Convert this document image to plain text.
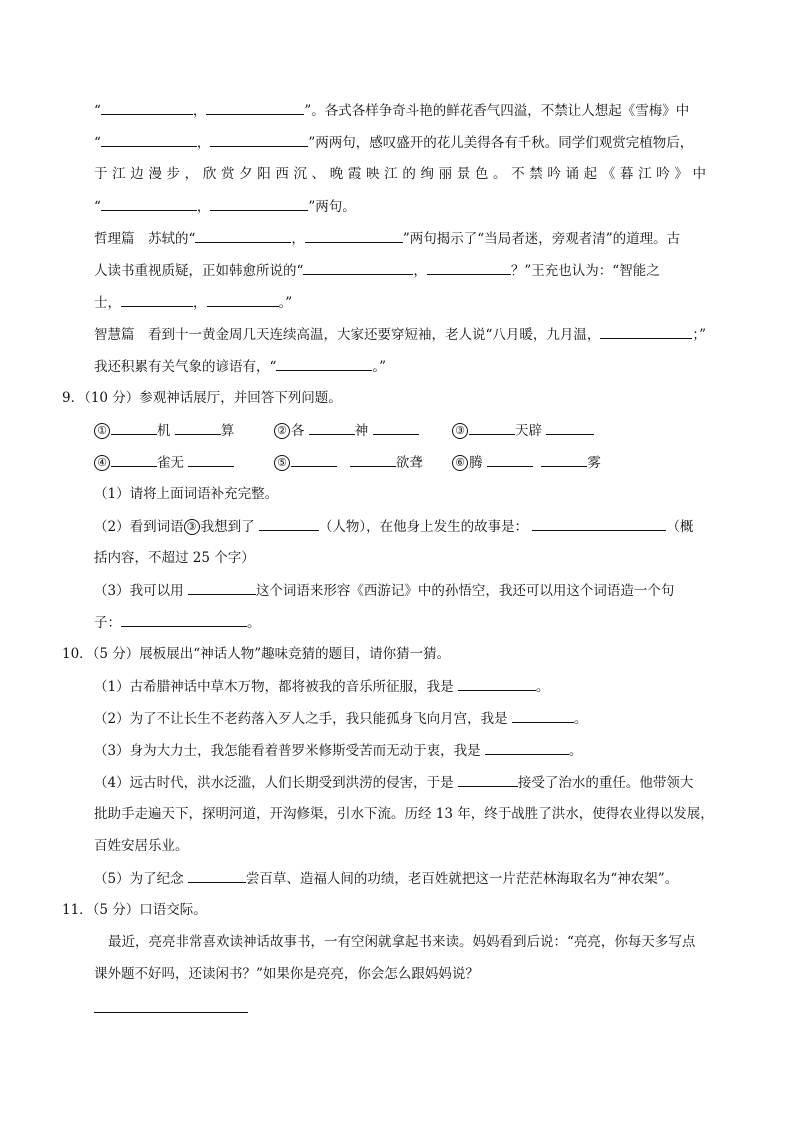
“	，	”。各式各样争奇斗艳的鲜花香气四溢，不禁让人想起《雪梅》中
“	，	”两两句，感叹盛开的花儿美得各有千秋。同学们观赏完植物后，
于江边漫步，欣赏夕阳西沉、晚霞映江的绚丽景色。不禁吟诵起《暮江吟》中
“	，	”两句。
哲理篇　苏轼的“	，	”两句揭示了“当局者迷，旁观者清”的道理。古
人读书重视质疑，正如韩愈所说的“	，	？”王充也认为：“智能之
士，	，	。”
智慧篇　看到十一黄金周几天连续高温，大家还要穿短袖，老人说“八月暖，九月温，	；”
我还积累有关气象的谚语有，“	。”
9．（10 分）参观神话展厅，并回答下列问题。
①	机	算	② 各	神	③	天辟
④	雀无	⑤	欲聋	⑥ 腾	雾
（1）请将上面词语补充完整。
（2）看到词语 ③ 我想到了	（人物），在他身上发生的故事是：	（概
括内容，不超过 25 个字）
（3）我可以用	这个词语来形容《西游记》中的孙悟空，我还可以用这个词语造一个句
子：	。
10．（5 分）展板展出“神话人物”趣味竞猜的题目，请你猜一猜。
（1）古希腊神话中草木万物，都将被我的音乐所征服，我是	。
（2）为了不让长生不老药落入歹人之手，我只能孤身飞向月宫，我是	。
（3）身为大力士，我怎能看着普罗米修斯受苦而无动于衷，我是	。
（4）远古时代，洪水泛滥，人们长期受到洪涝的侵害，于是	接受了治水的重任。他带领大
批助手走遍天下，探明河道，开沟修渠，引水下流。历经 13 年，终于战胜了洪水，使得农业得以发展，
百姓安居乐业。
（5）为了纪念	尝百草、造福人间的功绩，老百姓就把这一片茫茫林海取名为“神农架”。
11．（5 分）口语交际。
最近，亮亮非常喜欢读神话故事书，一有空闲就拿起书来读。妈妈看到后说：“亮亮，你每天多写点
课外题不好吗，还读闲书？”如果你是亮亮，你会怎么跟妈妈说？
